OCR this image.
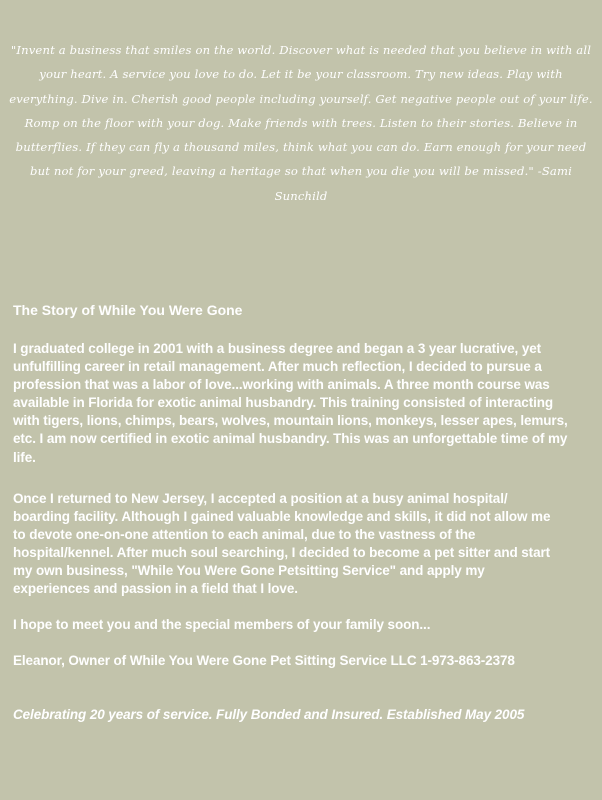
"Invent a business that smiles on the world. Discover what is needed that you believe in with all your heart. A service you love to do. Let it be your classroom. Try new ideas. Play with everything. Dive in. Cherish good people including yourself. Get negative people out of your life. Romp on the floor with your dog. Make friends with trees. Listen to their stories. Believe in butterflies. If they can fly a thousand miles, think what you can do. Earn enough for your need but not for your greed, leaving a heritage so that when you die you will be missed." -Sami Sunchild

The Story of While You Were Gone

I graduated college in 2001 with a business degree and began a 3 year lucrative, yet unfulfilling career in retail management. After much reflection, I decided to pursue a profession that was a labor of love...working with animals. A three month course was available in Florida for exotic animal husbandry. This training consisted of interacting with tigers, lions, chimps, bears, wolves, mountain lions, monkeys, lesser apes, lemurs, etc. I am now certified in exotic animal husbandry. This was an unforgettable time of my life.

Once I returned to New Jersey, I accepted a position at a busy animal hospital/ boarding facility. Although I gained valuable knowledge and skills, it did not allow me to devote one-on-one attention to each animal, due to the vastness of the hospital/kennel. After much soul searching, I decided to become a pet sitter and start my own business, "While You Were Gone Petsitting Service" and apply my experiences and passion in a field that I love.

I hope to meet you and the special members of your family soon...

Eleanor, Owner of While You Were Gone Pet Sitting Service LLC 1-973-863-2378

Celebrating 20 years of service. Fully Bonded and Insured. Established May 2005
